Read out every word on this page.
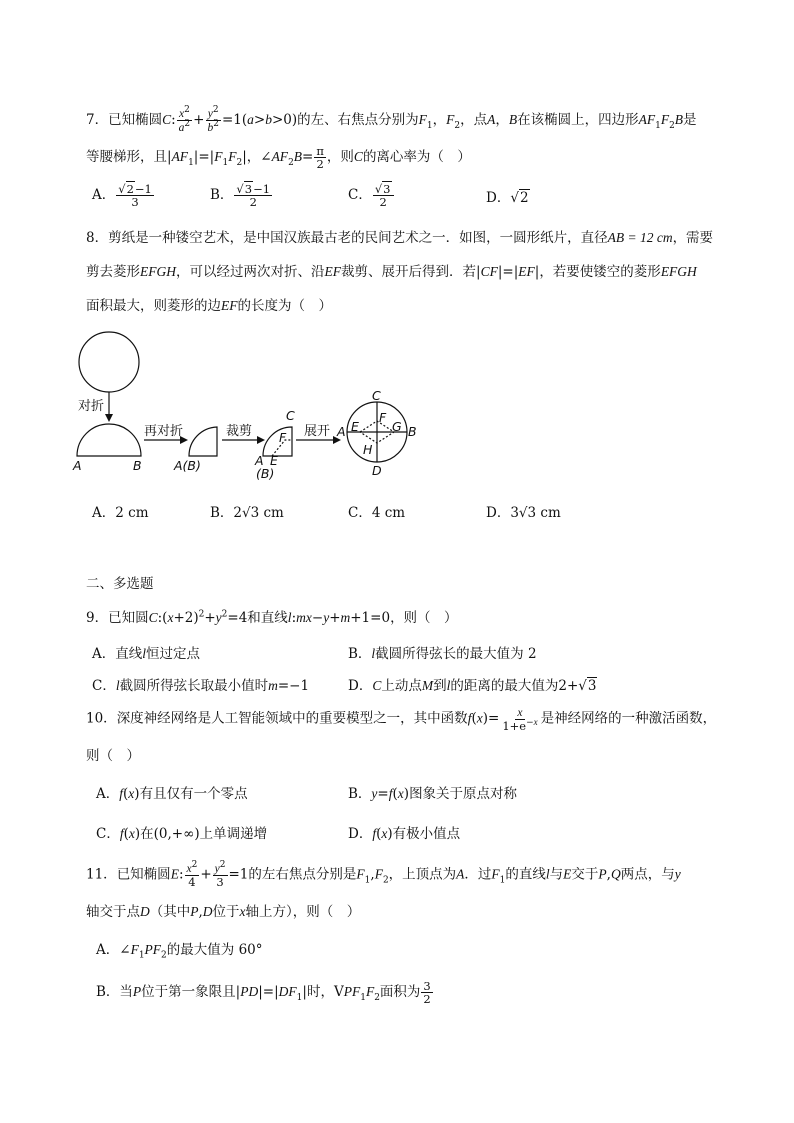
7．已知椭圆C: $\frac{x^2}{a^2} + \frac{y^2}{b^2} =1(a>b>0)$的左、右焦点分别为$F_1$，$F_2$，点A，B在该椭圆上，四边形$AF_1F_2B$是
等腰梯形，且$|AF_1|=|F_1F_2|$，$\angle AF_2B= \frac{\pi}{2}$ ，则C的离心率为（　）
A． $\frac{√2-1}{3}$	B． $\frac{√3-1}{2}$	C． $\frac{√3}{2}$	D．√2
8．剪纸是一种镂空艺术，是中国汉族最古老的民间艺术之一．如图，一圆形纸片，直径AB = 12 cm，需要
剪去菱形EFGH，可以经过两次对折、沿EF裁剪、展开后得到．若|CF|=|EF|，若要使镂空的菱形EFGH
面积最大，则菱形的边EF的长度为（　）
对折
再对折	裁剪	展开
A	B	A(B)	A E
(B)
C
F	A	B
C
D
E
F
G
H
A．2 cm	B．2√3 cm	C．4 cm	D．3√3 cm
二、多选题
9．已知圆$C:(x+2)^2+y^2=4$和直线l:mx−y+m+1=0，则（　）
A．直线l恒过定点	B．l截圆所得弦长的最大值为 2
C．l截圆所得弦长取最小值时m=−1	D．C上动点M到l的距离的最大值为2+√3
10．深度神经网络是人工智能领域中的重要模型之一，其中函数$f(x)= \frac{x}{1+e^{-x}}$ 是神经网络的一种激活函数，
则（　）
A．f(x)有且仅有一个零点	B．y=f(x)图象关于原点对称
C．f(x)在(0,+∞)上单调递增	D．f(x)有极小值点
11．已知椭圆E: $\frac{x^2}{4} + \frac{y^2}{3} =1$的左右焦点分别是$F_1,F_2$，上顶点为A．过$F_1$的直线l与E交于P,Q两点，与y
轴交于点D（其中P,D位于x轴上方），则（　）
A．$\angle F_1PF_2$的最大值为 60°
B．当P位于第一象限且$|PD|=|DF_1|$时，$VPF_1F_2$面积为 $\frac{3}{2}$
